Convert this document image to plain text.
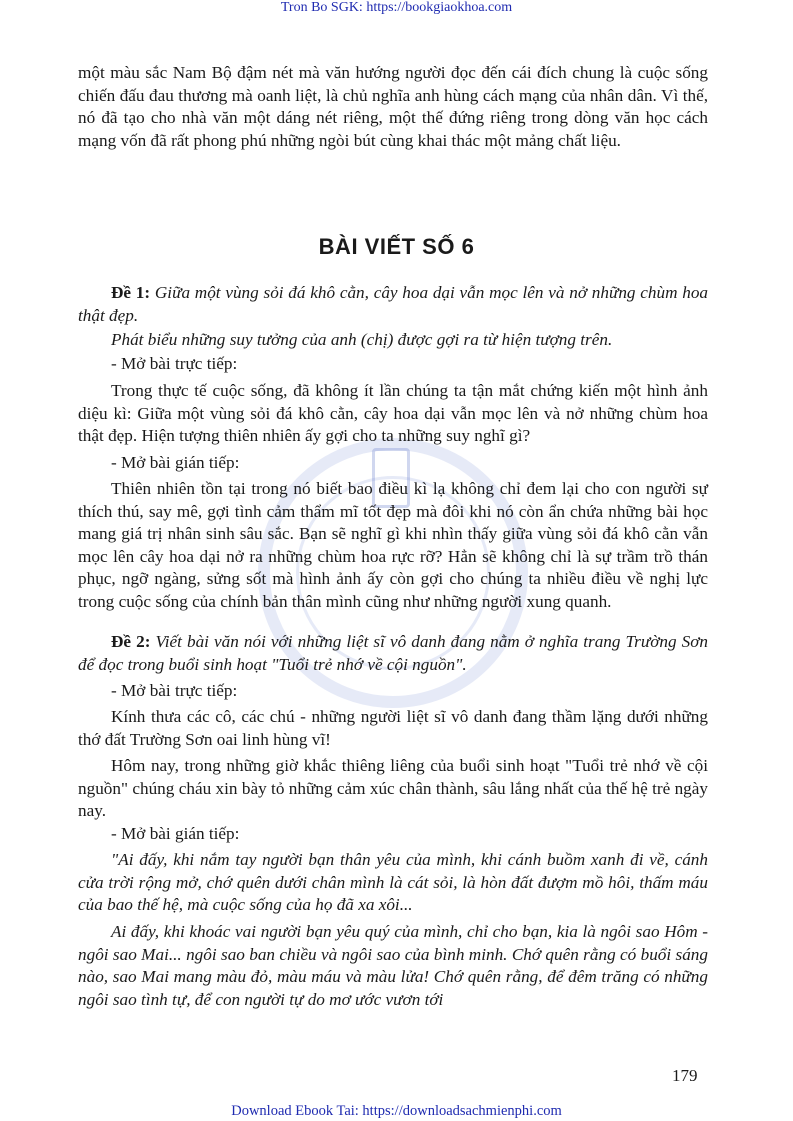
Tron Bo SGK: https://bookgiaokhoa.com

một màu sắc Nam Bộ đậm nét mà văn hướng người đọc đến cái đích chung là cuộc sống chiến đấu đau thương mà oanh liệt, là chủ nghĩa anh hùng cách mạng của nhân dân. Vì thế, nó đã tạo cho nhà văn một dáng nét riêng, một thế đứng riêng trong dòng văn học cách mạng vốn đã rất phong phú những ngòi bút cùng khai thác một mảng chất liệu.

BÀI VIẾT SỐ 6

Đề 1: Giữa một vùng sỏi đá khô cằn, cây hoa dại vẫn mọc lên và nở những chùm hoa thật đẹp.

Phát biểu những suy tưởng của anh (chị) được gợi ra từ hiện tượng trên.

- Mở bài trực tiếp:

Trong thực tế cuộc sống, đã không ít lần chúng ta tận mắt chứng kiến một hình ảnh diệu kì: Giữa một vùng sỏi đá khô cằn, cây hoa dại vẫn mọc lên và nở những chùm hoa thật đẹp. Hiện tượng thiên nhiên ấy gợi cho ta những suy nghĩ gì?

- Mở bài gián tiếp:

Thiên nhiên tồn tại trong nó biết bao điều kì lạ không chỉ đem lại cho con người sự thích thú, say mê, gợi tình cảm thẩm mĩ tốt đẹp mà đôi khi nó còn ẩn chứa những bài học mang giá trị nhân sinh sâu sắc. Bạn sẽ nghĩ gì khi nhìn thấy giữa vùng sỏi đá khô cằn vẫn mọc lên cây hoa dại nở ra những chùm hoa rực rỡ? Hẳn sẽ không chỉ là sự trầm trồ thán phục, ngỡ ngàng, sửng sốt mà hình ảnh ấy còn gợi cho chúng ta nhiều điều về nghị lực trong cuộc sống của chính bản thân mình cũng như những người xung quanh.

Đề 2: Viết bài văn nói với những liệt sĩ vô danh đang nằm ở nghĩa trang Trường Sơn để đọc trong buổi sinh hoạt "Tuổi trẻ nhớ về cội nguồn".

- Mở bài trực tiếp:

Kính thưa các cô, các chú - những người liệt sĩ vô danh đang thầm lặng dưới những thớ đất Trường Sơn oai linh hùng vĩ!

Hôm nay, trong những giờ khắc thiêng liêng của buổi sinh hoạt "Tuổi trẻ nhớ về cội nguồn" chúng cháu xin bày tỏ những cảm xúc chân thành, sâu lắng nhất của thế hệ trẻ ngày nay.

- Mở bài gián tiếp:

"Ai đấy, khi nắm tay người bạn thân yêu của mình, khi cánh buồm xanh đi về, cánh cửa trời rộng mở, chớ quên dưới chân mình là cát sỏi, là hòn đất đượm mồ hôi, thấm máu của bao thế hệ, mà cuộc sống của họ đã xa xôi...

Ai đấy, khi khoác vai người bạn yêu quý của mình, chỉ cho bạn, kia là ngôi sao Hôm - ngôi sao Mai... ngôi sao ban chiều và ngôi sao của bình minh. Chớ quên rằng có buổi sáng nào, sao Mai mang màu đỏ, màu máu và màu lửa! Chớ quên rằng, để đêm trăng có những ngôi sao tình tự, để con người tự do mơ ước vươn tới

179

Download Ebook Tai: https://downloadsachmienphi.com
